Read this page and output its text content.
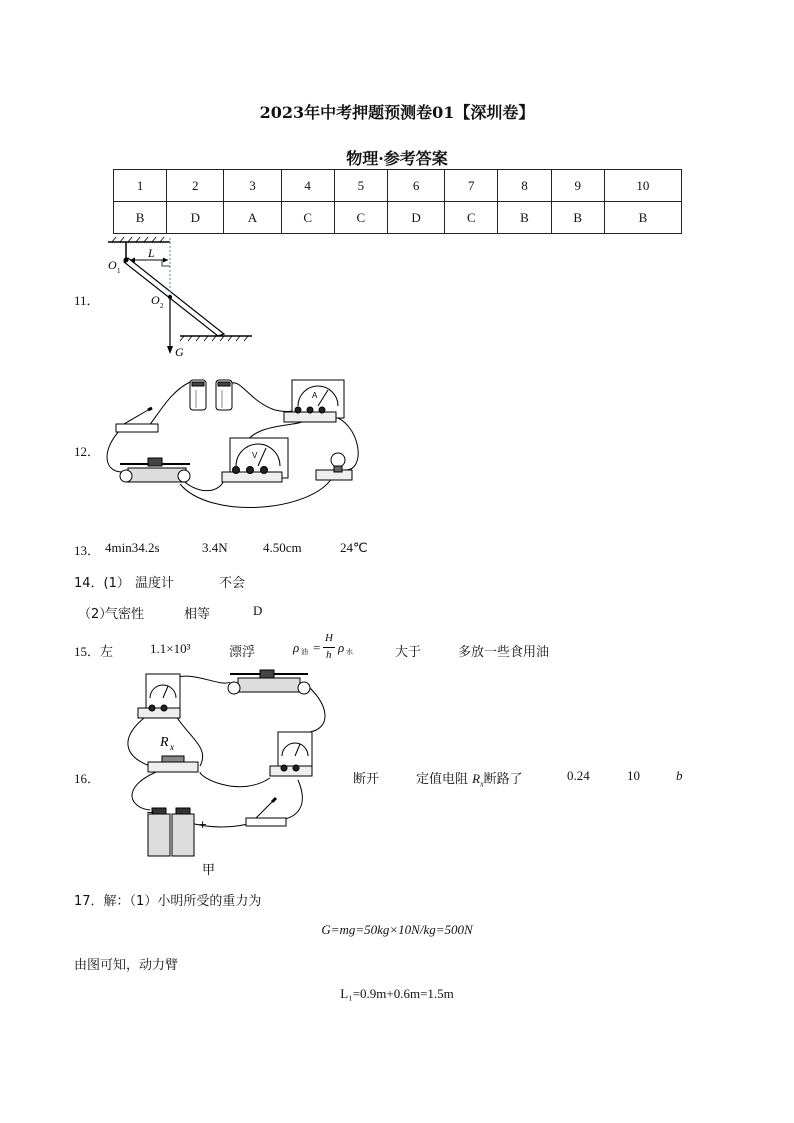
2023年中考押题预测卷01【深圳卷】
物理·参考答案
1	2	3	4	5	6	7	8	9	10
B	D	A	C	C	D	C	B	B	B
11．
O 1
L
O 2
G
12．
A
V
13． 4min34.2s	3.4N	4.50cm	24℃
14．(1） 温度计	不会
（2）
气密性	相等	D
15． 左	1.1×10³	漂浮	ρ 油 =
H
h ρ 水	大于	多放一些食用油
16．
R x
−
+
甲
断开	定值电阻 $R_x$断路了	0.24	10	b
17．解：（1）小明所受的重力为
G=mg=50kg×10N/kg=500N
由图可知，动力臂
L₁=0.9m+0.6m=1.5m
